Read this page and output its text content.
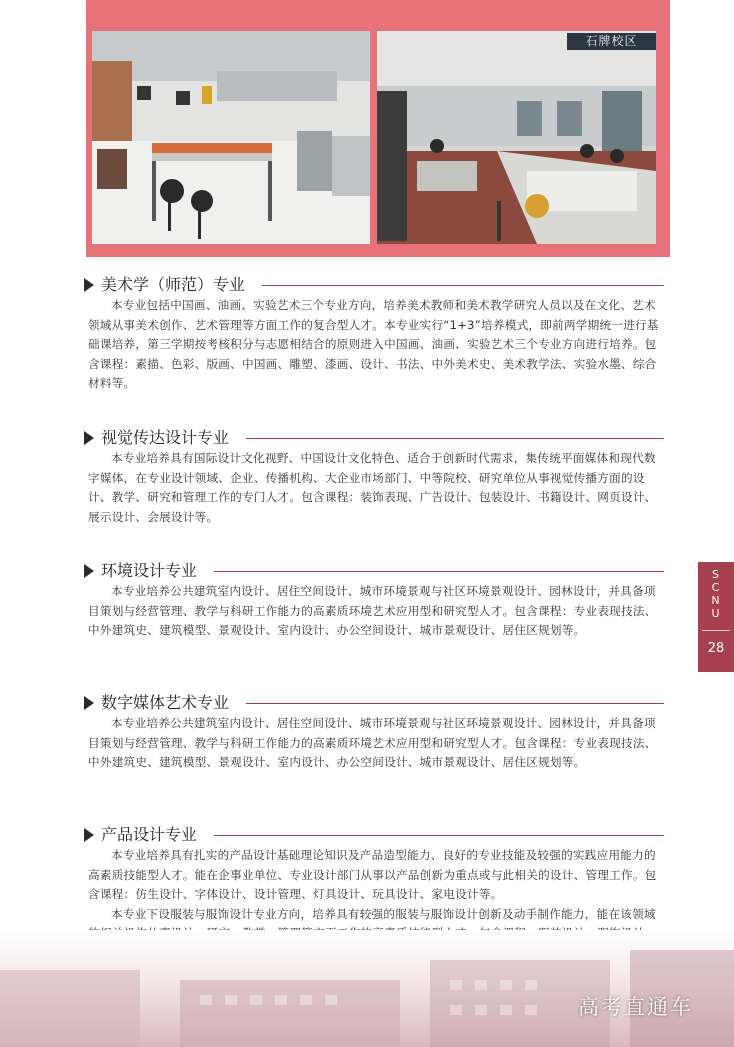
石牌校区
美术学（师范）专业

本专业包括中国画、油画、实验艺术三个专业方向，培养美术教师和美术教学研究人员以及在文化、艺术领域从事美术创作、艺术管理等方面工作的复合型人才。本专业实行“1+3”培养模式，即前两学期统一进行基础课培养，第三学期按考核积分与志愿相结合的原则进入中国画、油画、实验艺术三个专业方向进行培养。包含课程：素描、色彩、版画、中国画、雕塑、漆画、设计、书法、中外美术史、美术教学法、实验水墨、综合材料等。

视觉传达设计专业

本专业培养具有国际设计文化视野、中国设计文化特色、适合于创新时代需求，集传统平面媒体和现代数字媒体，在专业设计领域、企业、传播机构、大企业市场部门、中等院校、研究单位从事视觉传播方面的设计、教学、研究和管理工作的专门人才。包含课程：装饰表现、广告设计、包装设计、书籍设计、网页设计、展示设计、会展设计等。

环境设计专业

本专业培养公共建筑室内设计、居住空间设计、城市环境景观与社区环境景观设计、园林设计，并具备项目策划与经营管理、教学与科研工作能力的高素质环境艺术应用型和研究型人才。包含课程：专业表现技法、中外建筑史、建筑模型、景观设计、室内设计、办公空间设计、城市景观设计、居住区规划等。

数字媒体艺术专业

本专业培养公共建筑室内设计、居住空间设计、城市环境景观与社区环境景观设计、园林设计，并具备项目策划与经营管理、教学与科研工作能力的高素质环境艺术应用型和研究型人才。包含课程：专业表现技法、中外建筑史、建筑模型、景观设计、室内设计、办公空间设计、城市景观设计、居住区规划等。

产品设计专业

本专业培养具有扎实的产品设计基础理论知识及产品造型能力、良好的专业技能及较强的实践应用能力的高素质技能型人才。能在企事业单位、专业设计部门从事以产品创新为重点或与此相关的设计、管理工作。包含课程：仿生设计、字体设计、设计管理、灯具设计、玩具设计、家电设计等。

本专业下设服装与服饰设计专业方向，培养具有较强的服装与服饰设计创新及动手制作能力，能在该领域

S
C
N
U
28
高考直通车
